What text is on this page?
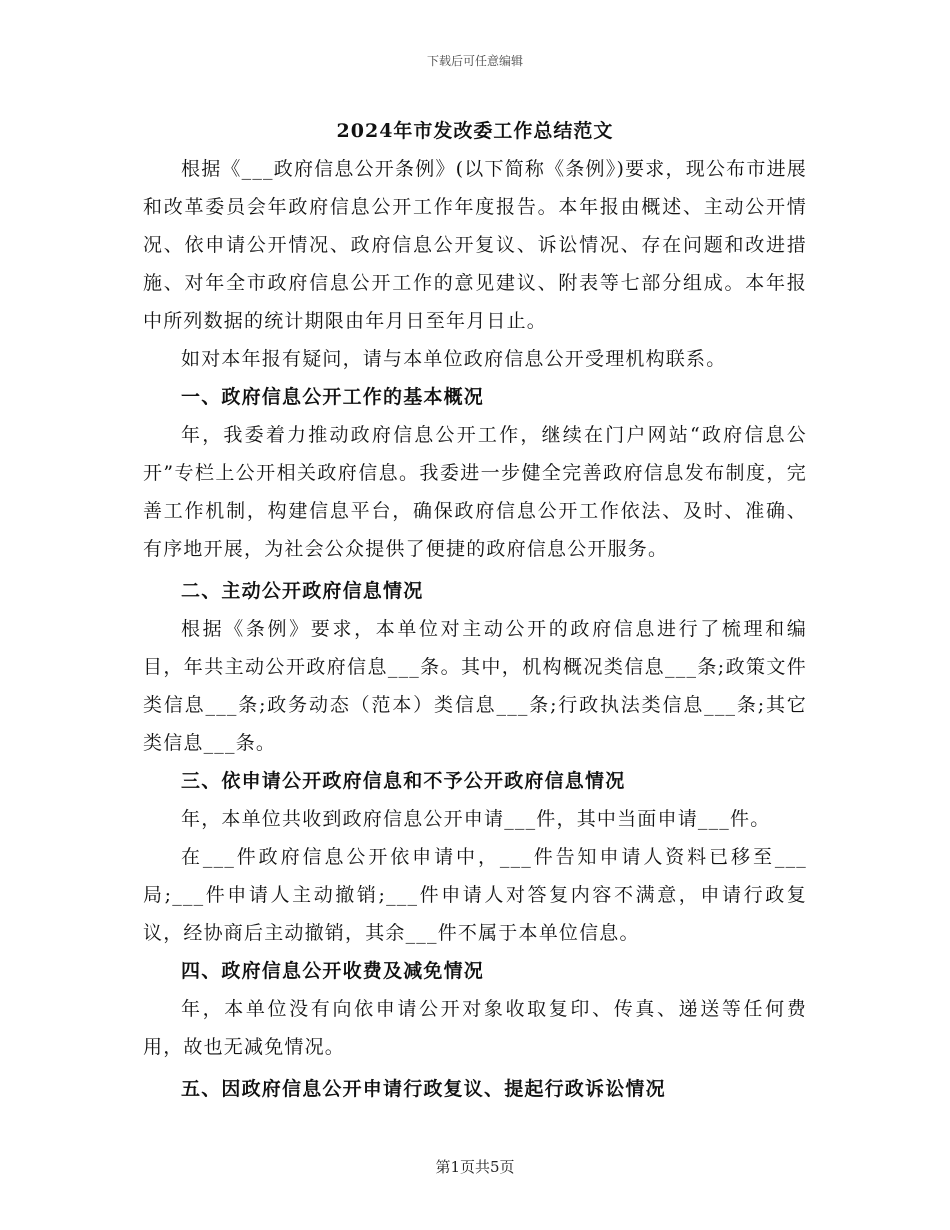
下载后可任意编辑
2024年市发改委工作总结范文

根据《___政府信息公开条例》(以下简称《条例》)要求，现公布市进展和改革委员会年政府信息公开工作年度报告。本年报由概述、主动公开情况、依申请公开情况、政府信息公开复议、诉讼情况、存在问题和改进措施、对年全市政府信息公开工作的意见建议、附表等七部分组成。本年报中所列数据的统计期限由年月日至年月日止。

如对本年报有疑问，请与本单位政府信息公开受理机构联系。

一、政府信息公开工作的基本概况

年，我委着力推动政府信息公开工作，继续在门户网站“政府信息公开”专栏上公开相关政府信息。我委进一步健全完善政府信息发布制度，完善工作机制，构建信息平台，确保政府信息公开工作依法、及时、准确、有序地开展，为社会公众提供了便捷的政府信息公开服务。

二、主动公开政府信息情况

根据《条例》要求，本单位对主动公开的政府信息进行了梳理和编目，年共主动公开政府信息___条。其中，机构概况类信息___条;政策文件类信息___条;政务动态（范本）类信息___条;行政执法类信息___条;其它类信息___条。

三、依申请公开政府信息和不予公开政府信息情况

年，本单位共收到政府信息公开申请___件，其中当面申请___件。

在___件政府信息公开依申请中，___件告知申请人资料已移至___局;___件申请人主动撤销;___件申请人对答复内容不满意，申请行政复议，经协商后主动撤销，其余___件不属于本单位信息。

四、政府信息公开收费及减免情况

年，本单位没有向依申请公开对象收取复印、传真、递送等任何费用，故也无减免情况。

五、因政府信息公开申请行政复议、提起行政诉讼情况

第1页共5页
